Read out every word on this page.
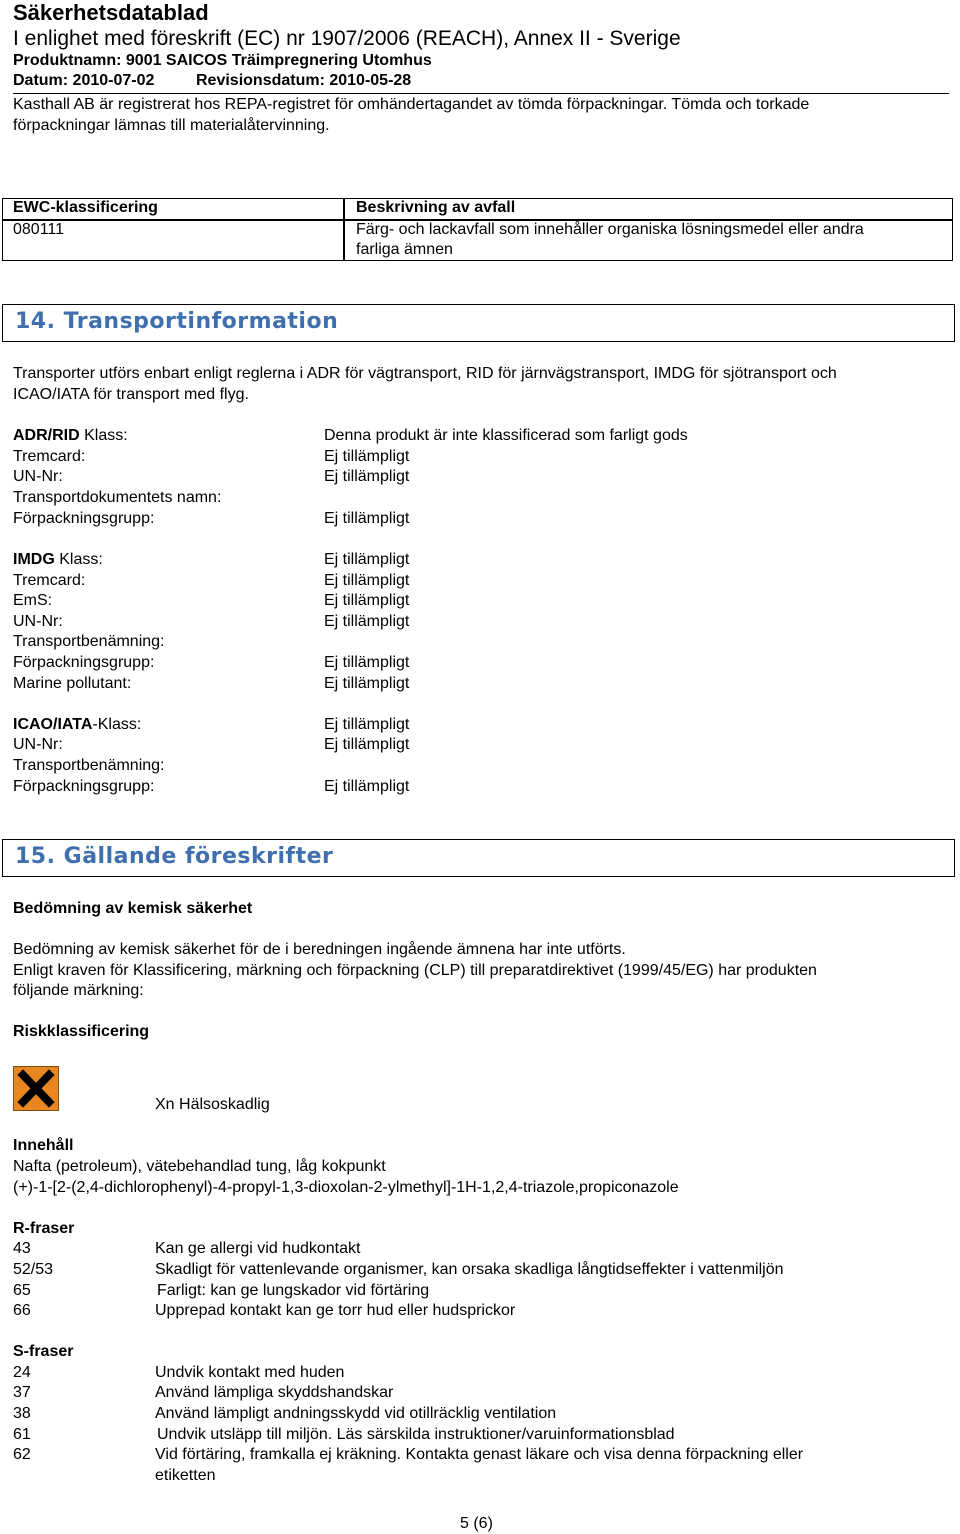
Säkerhetsdatablad
I enlighet med föreskrift (EC) nr 1907/2006 (REACH), Annex II - Sverige
Produktnamn: 9001 SAICOS Träimpregnering Utomhus
Datum: 2010-07-02	Revisionsdatum: 2010-05-28
Kasthall AB är registrerat hos REPA-registret för omhändertagandet av tömda förpackningar. Tömda och torkade
förpackningar lämnas till materialåtervinning.
EWC-klassificering	Beskrivning av avfall
080111	Färg- och lackavfall som innehåller organiska lösningsmedel eller andra
farliga ämnen
14. Transportinformation
Transporter utförs enbart enligt reglerna i ADR för vägtransport, RID för järnvägstransport, IMDG för sjötransport och
ICAO/IATA för transport med flyg.
ADR/RID Klass:	Denna produkt är inte klassificerad som farligt gods
Tremcard:	Ej tillämpligt
UN-Nr:	Ej tillämpligt
Transportdokumentets namn:
Förpackningsgrupp:	Ej tillämpligt
IMDG Klass:	Ej tillämpligt
Tremcard:	Ej tillämpligt
EmS:	Ej tillämpligt
UN-Nr:	Ej tillämpligt
Transportbenämning:
Förpackningsgrupp:	Ej tillämpligt
Marine pollutant:	Ej tillämpligt
ICAO/IATA-Klass:	Ej tillämpligt
UN-Nr:	Ej tillämpligt
Transportbenämning:
Förpackningsgrupp:	Ej tillämpligt
15. Gällande föreskrifter
Bedömning av kemisk säkerhet
Bedömning av kemisk säkerhet för de i beredningen ingående ämnena har inte utförts.
Enligt kraven för Klassificering, märkning och förpackning (CLP) till preparatdirektivet (1999/45/EG) har produkten
följande märkning:
Riskklassificering
Xn Hälsoskadlig
Innehåll
Nafta (petroleum), vätebehandlad tung, låg kokpunkt
(+)-1-[2-(2,4-dichlorophenyl)-4-propyl-1,3-dioxolan-2-ylmethyl]-1H-1,2,4-triazole,propiconazole
R-fraser
43	Kan ge allergi vid hudkontakt
52/53	Skadligt för vattenlevande organismer, kan orsaka skadliga långtidseffekter i vattenmiljön
65	Farligt: kan ge lungskador vid förtäring
66	Upprepad kontakt kan ge torr hud eller hudsprickor
S-fraser
24	Undvik kontakt med huden
37	Använd lämpliga skyddshandskar
38	Använd lämpligt andningsskydd vid otillräcklig ventilation
61	Undvik utsläpp till miljön. Läs särskilda instruktioner/varuinformationsblad
62	Vid förtäring, framkalla ej kräkning. Kontakta genast läkare och visa denna förpackning eller
etiketten
5 (6)
